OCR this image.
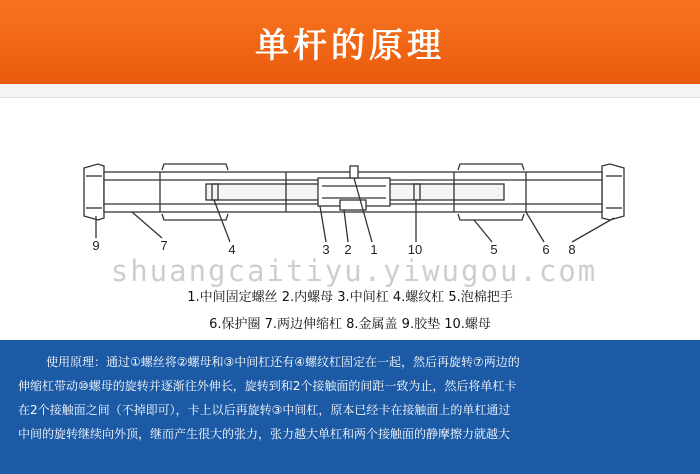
单杆的原理
9	7	4	3	2	1	10	5	6	8
shuangcaitiyu.yiwugou.com
1.中间固定螺丝 2.内螺母 3.中间杠 4.螺纹杠 5.泡棉把手
6.保护圈 7.两边伸缩杠 8.金属盖 9.胶垫 10.螺母

使用原理：通过①螺丝将②螺母和③中间杠还有④螺纹杠固定在一起，然后再旋转⑦两边的

伸缩杠带动⑩螺母的旋转并逐渐往外伸长，旋转到和2个接触面的间距一致为止，然后将单杠卡

在2个接触面之间（不掉即可），卡上以后再旋转③中间杠，原本已经卡在接触面上的单杠通过

中间的旋转继续向外顶，继而产生很大的张力，张力越大单杠和两个接触面的静摩擦力就越大
